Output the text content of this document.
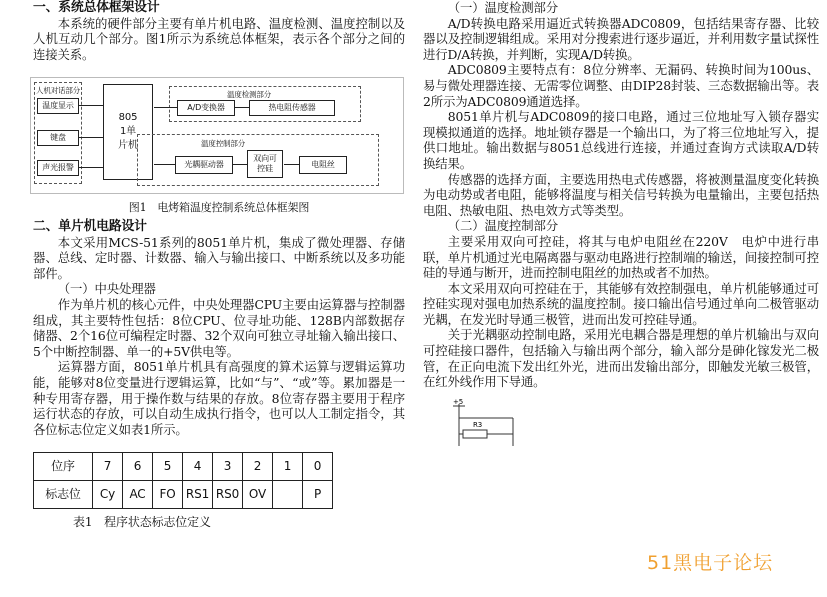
一、系统总体框架设计

本系统的硬件部分主要有单片机电路、温度检测、温度控制以及人机互动几个部分。图1所示为系统总体框架，表示各个部分之间的连接关系。

人机对话部分
温度显示
键盘
声光报警
8051单片机
温度检测部分
A/D变换器	热电阻传感器
温度控制部分
光耦驱动器
双向可控硅	电阻丝

图1　电烤箱温度控制系统总体框架图

二、单片机电路设计

本文采用MCS-51系列的8051单片机，集成了微处理器、存储器、总线、定时器、计数器、输入与输出接口、中断系统以及多功能部件。

（一）中央处理器

作为单片机的核心元件，中央处理器CPU主要由运算器与控制器组成，其主要特性包括：8位CPU、位寻址功能、128B内部数据存储器、2个16位可编程定时器、32个双向可独立寻址输入输出接口、5个中断控制器、单一的+5V供电等。

运算器方面，8051单片机具有高强度的算术运算与逻辑运算功能，能够对8位变量进行逻辑运算，比如“与”、“或”等。累加器是一种专用寄存器，用于操作数与结果的存放。8位寄存器主要用于程序运行状态的存放，可以自动生成执行指令，也可以人工制定指令，其各位标志位定义如表1所示。

位序	7	6	5	4	3	2	1	0
标志位	Cy	AC	FO	RS1	RS0	OV		P

表1　程序状态标志位定义

（一）温度检测部分

A/D转换电路采用逼近式转换器ADC0809，包括结果寄存器、比较器以及控制逻辑组成。采用对分搜索进行逐步逼近，并利用数字量试探性进行D/A转换，并判断，实现A/D转换。

ADC0809主要特点有：8位分辨率、无漏码、转换时间为100us、易与微处理器连接、无需零位调整、由DIP28封装、三态数据输出等。表2所示为ADC0809通道选择。

8051单片机与ADC0809的接口电路，通过三位地址写入锁存器实现模拟通道的选择。地址锁存器是一个输出口，为了将三位地址写入，提供口地址。输出数据与8051总线进行连接，并通过查询方式读取A/D转换结果。

传感器的选择方面，主要选用热电式传感器，将被测量温度变化转换为电动势或者电阻，能够将温度与相关信号转换为电量输出，主要包括热电阻、热敏电阻、热电效方式等类型。

（二）温度控制部分

主要采用双向可控硅，将其与电炉电阻丝在220V　电炉中进行串联，单片机通过光电隔离器与驱动电路进行控制端的输送，间接控制可控硅的导通与断开，进而控制电阻丝的加热或者不加热。

本文采用双向可控硅在于，其能够有效控制强电，单片机能够通过可控硅实现对强电加热系统的温度控制。接口输出信号通过单向二极管驱动光耦，在发光时导通三极管，进而出发可控硅导通。

关于光耦驱动控制电路，采用光电耦合器是理想的单片机输出与双向可控硅接口器件，包括输入与输出两个部分，输入部分是砷化镓发光二极管，在正向电流下发出红外光，进而出发输出部分，即触发光敏三极管，在红外线作用下导通。

+5
R3
51黑电子论坛
